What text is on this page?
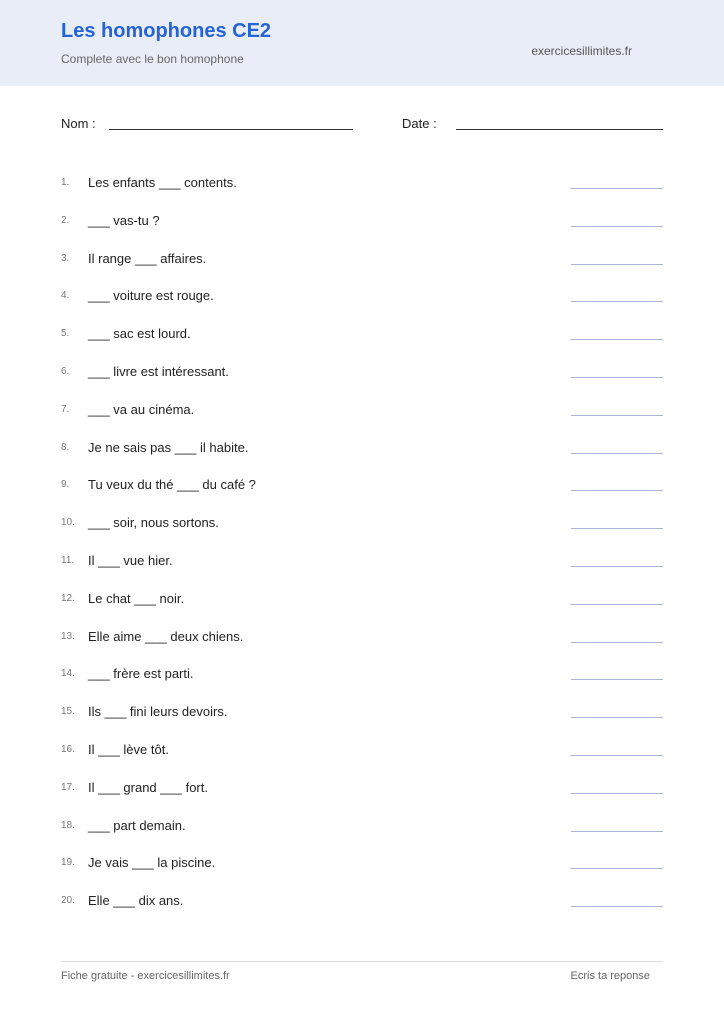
Les homophones CE2
Complete avec le bon homophone
exercicesillimites.fr
Nom :	Date :
1.	Les enfants ___ contents.
2.	___ vas-tu ?
3.	Il range ___ affaires.
4.	___ voiture est rouge.
5.	___ sac est lourd.
6.	___ livre est intéressant.
7.	___ va au cinéma.
8.	Je ne sais pas ___ il habite.
9.	Tu veux du thé ___ du café ?
10.	___ soir, nous sortons.
11.	Il ___ vue hier.
12.	Le chat ___ noir.
13.	Elle aime ___ deux chiens.
14.	___ frère est parti.
15.	Ils ___ fini leurs devoirs.
16.	Il ___ lève tôt.
17.	Il ___ grand ___ fort.
18.	___ part demain.
19.	Je vais ___ la piscine.
20.	Elle ___ dix ans.
Fiche gratuite - exercicesillimites.fr	Ecris ta reponse
